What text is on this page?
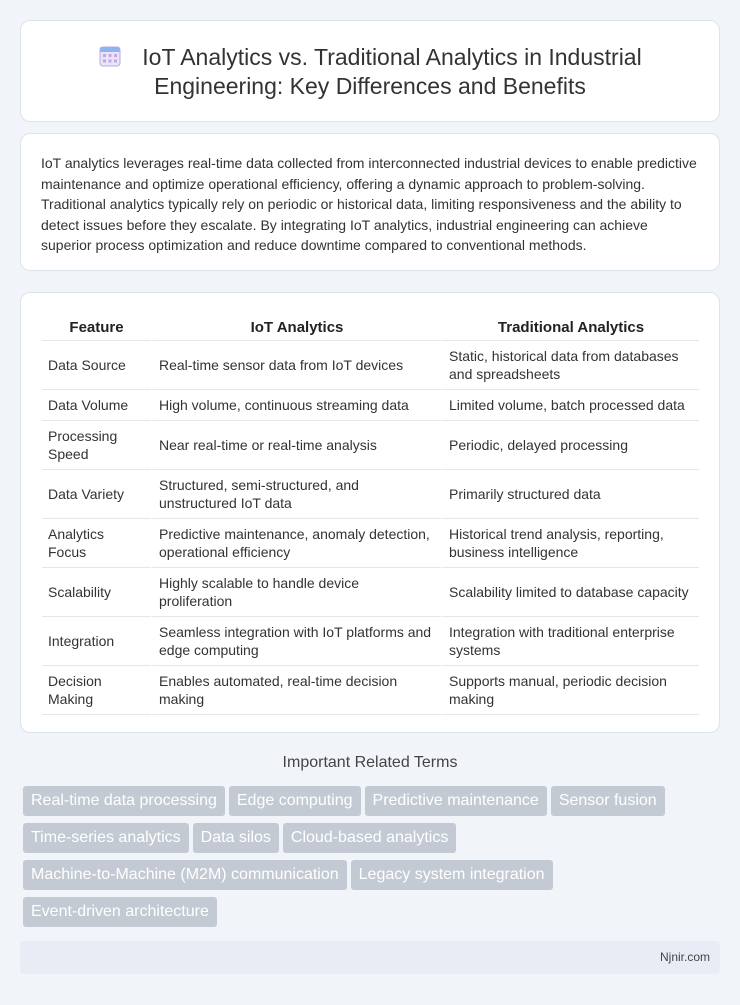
IoT Analytics vs. Traditional Analytics in Industrial
Engineering: Key Differences and Benefits

IoT analytics leverages real-time data collected from interconnected industrial devices to enable predictive maintenance and optimize operational efficiency, offering a dynamic approach to problem-solving. Traditional analytics typically rely on periodic or historical data, limiting responsiveness and the ability to detect issues before they escalate. By integrating IoT analytics, industrial engineering can achieve superior process optimization and reduce downtime compared to conventional methods.

Feature	IoT Analytics	Traditional Analytics
Data Source	Real-time sensor data from IoT devices	Static, historical data from databases and spreadsheets
Data Volume	High volume, continuous streaming data	Limited volume, batch processed data
Processing Speed	Near real-time or real-time analysis	Periodic, delayed processing
Data Variety	Structured, semi-structured, and unstructured IoT data	Primarily structured data
Analytics Focus	Predictive maintenance, anomaly detection, operational efficiency	Historical trend analysis, reporting, business intelligence
Scalability	Highly scalable to handle device proliferation	Scalability limited to database capacity
Integration	Seamless integration with IoT platforms and edge computing	Integration with traditional enterprise systems
Decision Making	Enables automated, real-time decision making	Supports manual, periodic decision making
Important Related Terms
Real-time data processing Edge computing Predictive maintenance Sensor fusion
Time-series analytics Data silos Cloud-based analytics
Machine-to-Machine (M2M) communication Legacy system integration
Event-driven architecture
Njnir.com
